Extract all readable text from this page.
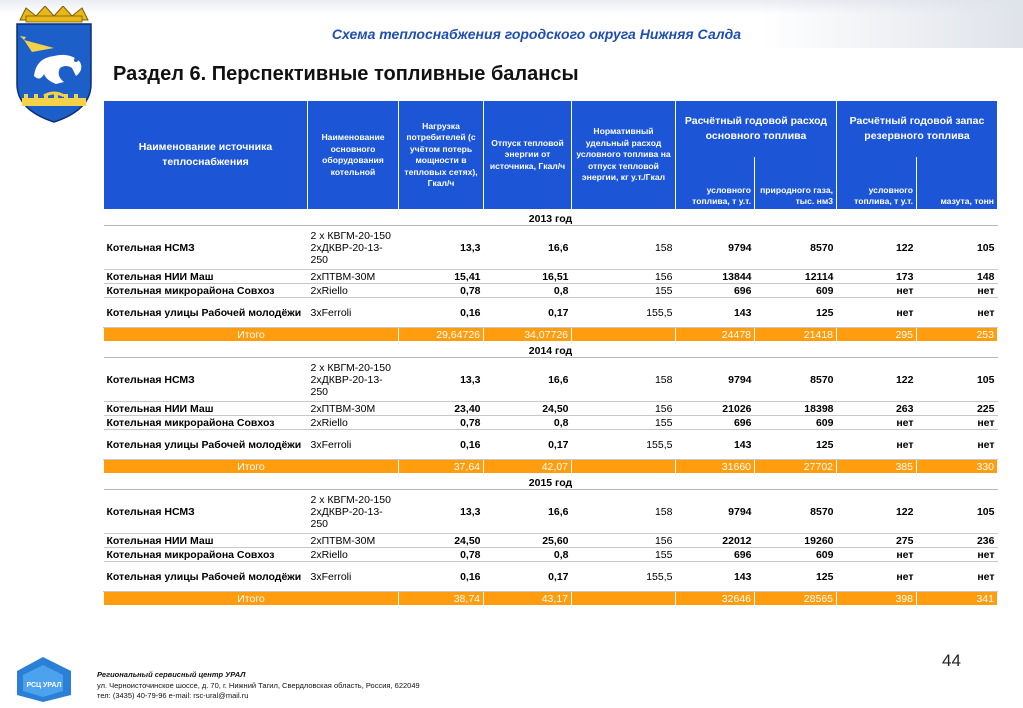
Схема теплоснабжения городского округа Нижняя Салда
Раздел 6. Перспективные топливные балансы
Наименование источника теплоснабжения	Наименование основного оборудования котельной	Нагрузка потребителей (с учётом потерь мощности в тепловых сетях), Гкал/ч	Отпуск тепловой энергии от источника, Гкал/ч	Нормативный удельный расход условного топлива на отпуск тепловой энергии, кг у.т./Гкал	Расчётный годовой расход основного топлива		Расчётный годовой запас резервного топлива	
					условного топлива, т у.т.	природного газа, тыс. нм3	условного топлива, т у.т.	мазута, тонн
2013 год								
Котельная НСМЗ	2 х КВГМ-20-150 2хДКВР-20-13-250	13,3	16,6	158	9794	8570	122	105
Котельная НИИ Маш	2хПТВМ-30М	15,41	16,51	156	13844	12114	173	148
Котельная микрорайона Совхоз	2хRiello	0,78	0,8	155	696	609	нет	нет
Котельная улицы Рабочей молодёжи	3хFerroli	0,16	0,17	155,5	143	125	нет	нет
Итого		29,64726	34,07726		24478	21418	295	253
2014 год								
Котельная НСМЗ	2 х КВГМ-20-150 2хДКВР-20-13-250	13,3	16,6	158	9794	8570	122	105
Котельная НИИ Маш	2хПТВМ-30М	23,40	24,50	156	21026	18398	263	225
Котельная микрорайона Совхоз	2хRiello	0,78	0,8	155	696	609	нет	нет
Котельная улицы Рабочей молодёжи	3хFerroli	0,16	0,17	155,5	143	125	нет	нет
Итого		37,64	42,07		31660	27702	385	330
2015 год								
Котельная НСМЗ	2 х КВГМ-20-150 2хДКВР-20-13-250	13,3	16,6	158	9794	8570	122	105
Котельная НИИ Маш	2хПТВМ-30М	24,50	25,60	156	22012	19260	275	236
Котельная микрорайона Совхоз	2хRiello	0,78	0,8	155	696	609	нет	нет
Котельная улицы Рабочей молодёжи	3хFerroli	0,16	0,17	155,5	143	125	нет	нет
Итого		38,74	43,17		32646	28565	398	341
44
РСЦ УРАЛ
Региональный сервисный центр УРАЛ
ул. Черноисточинское шоссе, д. 70, г. Нижний Тагил, Свердловская область, Россия, 622049
тел: (3435) 40-79-96 e-mail: rsc-ural@mail.ru
